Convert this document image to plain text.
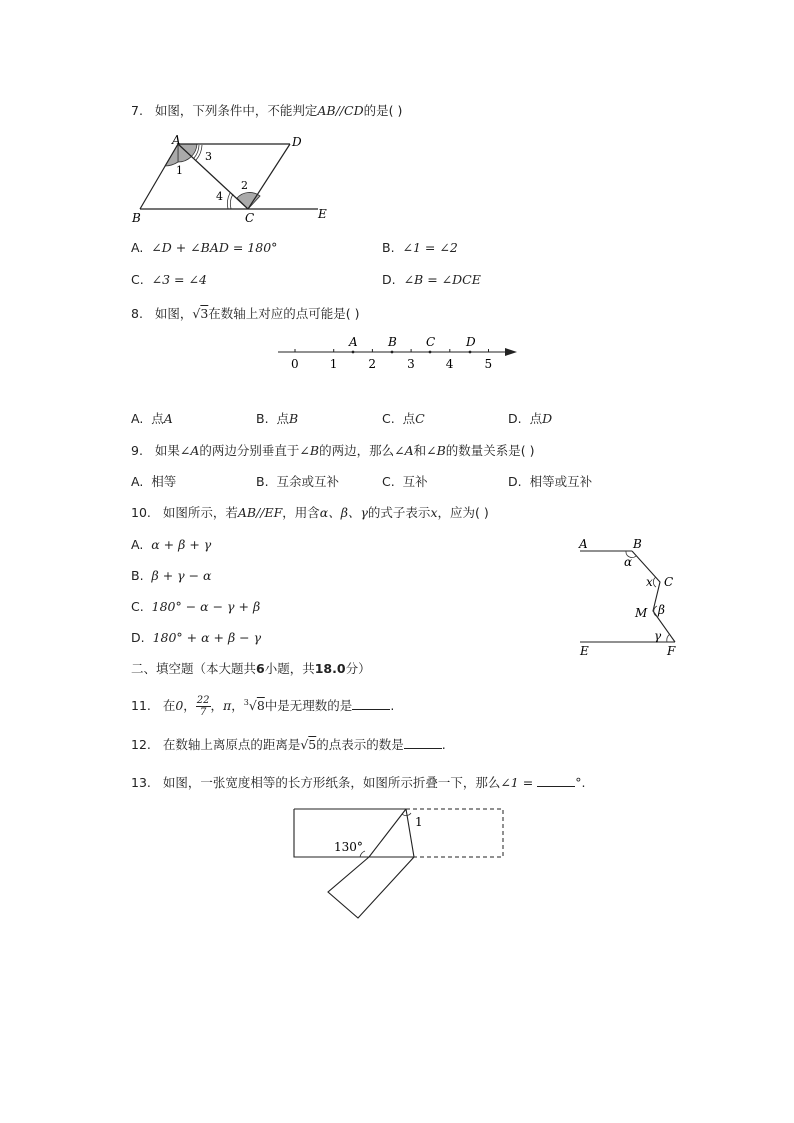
7. 如图，下列条件中，不能判定AB//CD的是( )
A	D
B	C	E
1
3
2
4
A. ∠D + ∠BAD = 180°	B. ∠1 = ∠2
C. ∠3 = ∠4	D. ∠B = ∠DCE
8. 如图，√3在数轴上对应的点可能是( )
0	1	2	3	4	5
A	B C	D
A. 点A	B. 点B	C. 点C	D. 点D
9. 如果∠A的两边分别垂直于∠B的两边，那么∠A和∠B的数量关系是( )
A. 相等	B. 互余或互补	C. 互补	D. 相等或互补
10. 如图所示，若AB//EF，用含α、β、γ的式子表示x，应为( )
A. α + β + γ
B. β + γ − α
C. 180° − α − γ + β
D. 180° + α + β − γ
A	B
C
M
E	F
α
x
β
γ
二、填空题（本大题共6小题，共18.0分）
11. 在0， $\frac{22}{7}$ ，π，$^3$√8中是无理数的是	.
12. 在数轴上离原点的距离是√5的点表示的数是	.
13. 如图，一张宽度相等的长方形纸条，如图所示折叠一下，那么∠1 =	°.
130°
1
